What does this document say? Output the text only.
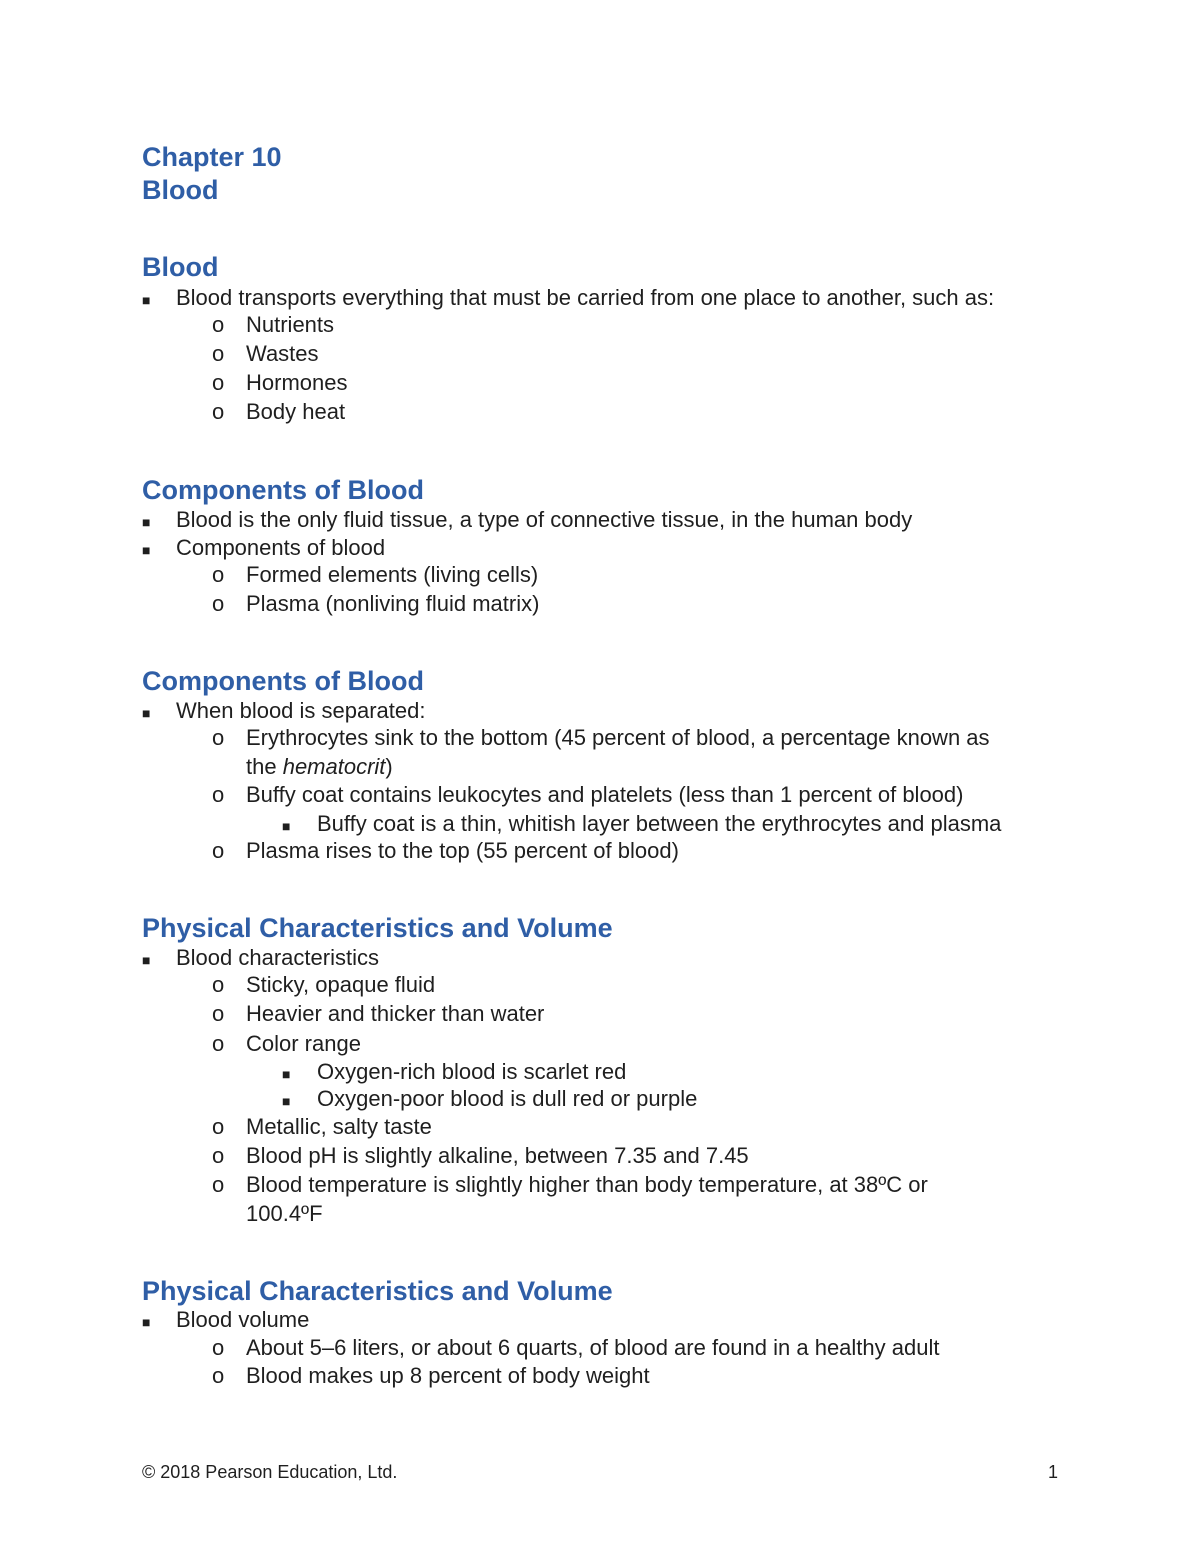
Chapter 10
Blood
Blood
■ Blood transports everything that must be carried from one place to another, such as:
o Nutrients
o Wastes
o Hormones
o Body heat
Components of Blood
■ Blood is the only fluid tissue, a type of connective tissue, in the human body
■ Components of blood
o Formed elements (living cells)
o Plasma (nonliving fluid matrix)
Components of Blood
■ When blood is separated:
o Erythrocytes sink to the bottom (45 percent of blood, a percentage known as
the hematocrit)
o Buffy coat contains leukocytes and platelets (less than 1 percent of blood)
■ Buffy coat is a thin, whitish layer between the erythrocytes and plasma
o Plasma rises to the top (55 percent of blood)
Physical Characteristics and Volume
■ Blood characteristics
o Sticky, opaque fluid
o Heavier and thicker than water
o Color range
■ Oxygen-rich blood is scarlet red
■ Oxygen-poor blood is dull red or purple
o Metallic, salty taste
o Blood pH is slightly alkaline, between 7.35 and 7.45
o Blood temperature is slightly higher than body temperature, at 38ºC or
100.4ºF
Physical Characteristics and Volume
■ Blood volume
o About 5–6 liters, or about 6 quarts, of blood are found in a healthy adult
o Blood makes up 8 percent of body weight
© 2018 Pearson Education, Ltd.	1
